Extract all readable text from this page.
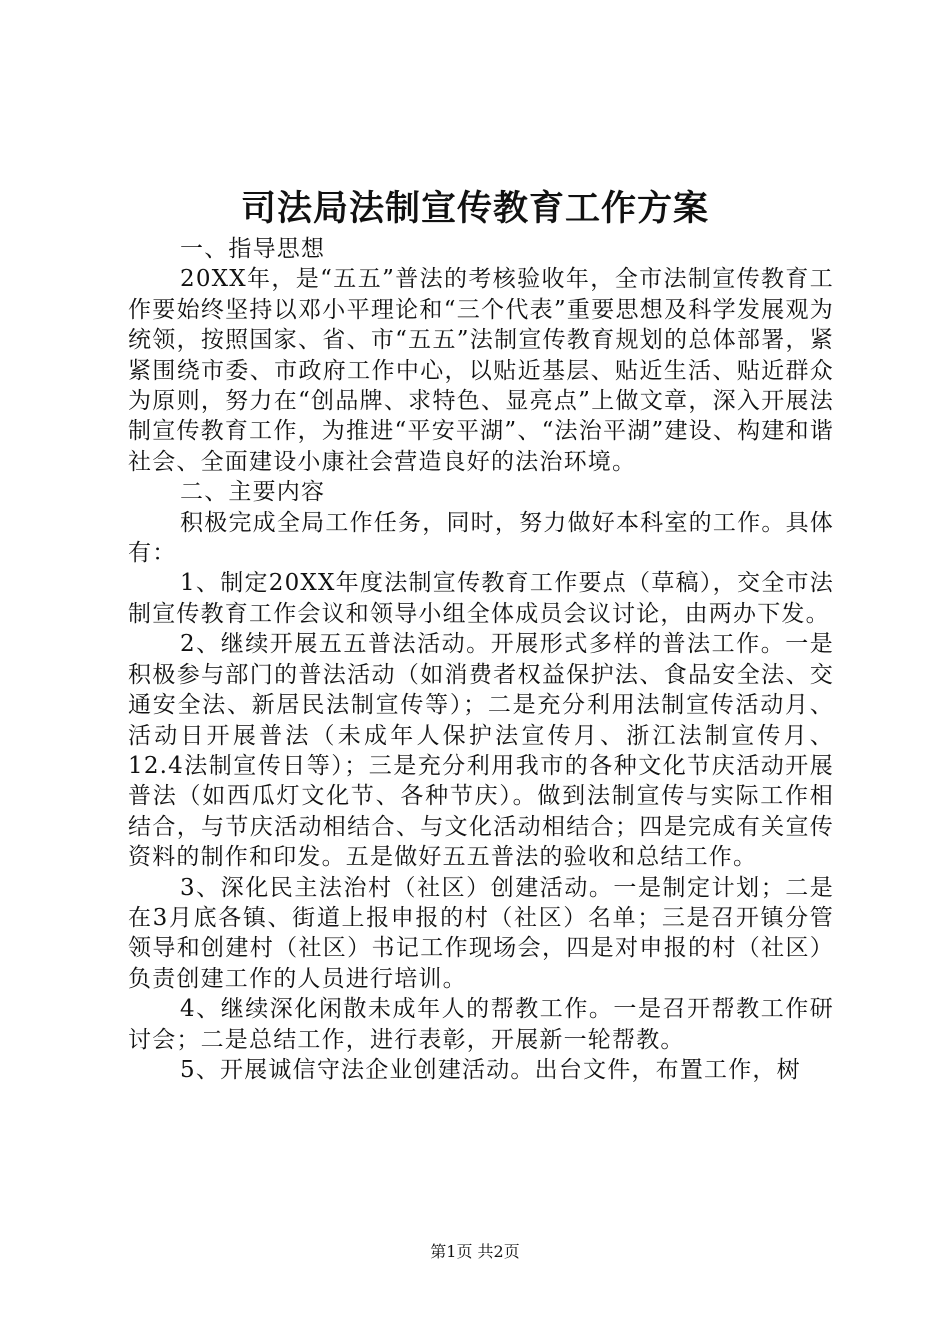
司法局法制宣传教育工作方案

一、指导思想

20XX年，是“五五”普法的考核验收年，全市法制宣传教育工作要始终坚持以邓小平理论和“三个代表”重要思想及科学发展观为统领，按照国家、省、市“五五”法制宣传教育规划的总体部署，紧紧围绕市委、市政府工作中心，以贴近基层、贴近生活、贴近群众为原则，努力在“创品牌、求特色、显亮点”上做文章，深入开展法制宣传教育工作，为推进“平安平湖”、“法治平湖”建设、构建和谐社会、全面建设小康社会营造良好的法治环境。

二、主要内容

积极完成全局工作任务，同时，努力做好本科室的工作。具体有：

1、制定20XX年度法制宣传教育工作要点（草稿），交全市法制宣传教育工作会议和领导小组全体成员会议讨论，由两办下发。

2、继续开展五五普法活动。开展形式多样的普法工作。一是积极参与部门的普法活动（如消费者权益保护法、食品安全法、交通安全法、新居民法制宣传等）；二是充分利用法制宣传活动月、活动日开展普法（未成年人保护法宣传月、浙江法制宣传月、12.4法制宣传日等）；三是充分利用我市的各种文化节庆活动开展普法（如西瓜灯文化节、各种节庆）。做到法制宣传与实际工作相结合，与节庆活动相结合、与文化活动相结合；四是完成有关宣传资料的制作和印发。五是做好五五普法的验收和总结工作。

3、深化民主法治村（社区）创建活动。一是制定计划；二是在3月底各镇、街道上报申报的村（社区）名单；三是召开镇分管领导和创建村（社区）书记工作现场会，四是对申报的村（社区）负责创建工作的人员进行培训。

4、继续深化闲散未成年人的帮教工作。一是召开帮教工作研讨会；二是总结工作，进行表彰，开展新一轮帮教。

5、开展诚信守法企业创建活动。出台文件，布置工作，树

第1页 共2页
